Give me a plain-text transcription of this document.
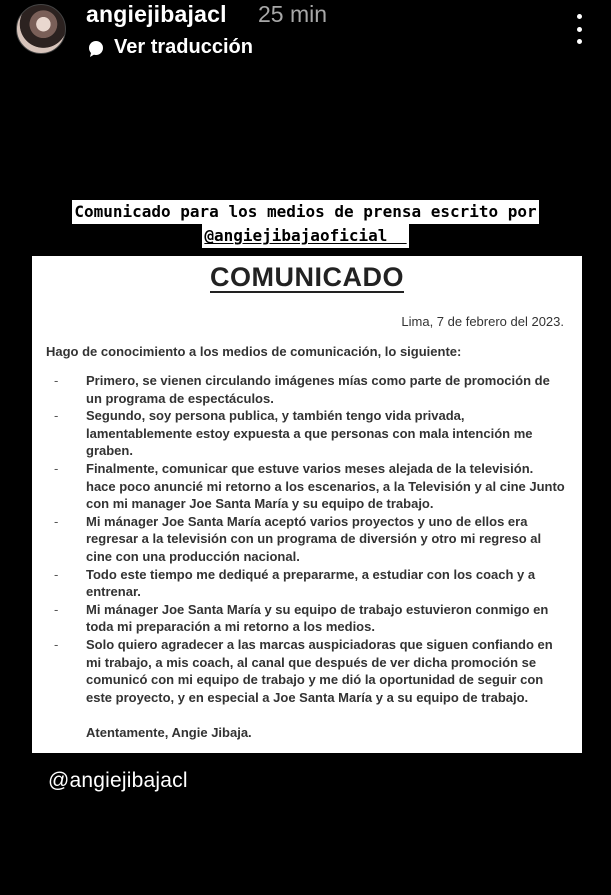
angiejibajacl 25 min
Ver traducción
Comunicado para los medios de prensa escrito por
@angiejibajaoficial
COMUNICADO
Lima, 7 de febrero del 2023.
Hago de conocimiento a los medios de comunicación, lo siguiente:
- Primero, se vienen circulando imágenes mías como parte de promoción de
un programa de espectáculos.
- Segundo, soy persona publica, y también tengo vida privada,
lamentablemente estoy expuesta a que personas con mala intención me
graben.
- Finalmente, comunicar que estuve varios meses alejada de la televisión.
hace poco anuncié mi retorno a los escenarios, a la Televisión y al cine Junto
con mi manager Joe Santa María y su equipo de trabajo.
- Mi mánager Joe Santa María aceptó varios proyectos y uno de ellos era
regresar a la televisión con un programa de diversión y otro mi regreso al
cine con una producción nacional.
- Todo este tiempo me dediqué a prepararme, a estudiar con los coach y a
entrenar.
- Mi mánager Joe Santa María y su equipo de trabajo estuvieron conmigo en
toda mi preparación a mi retorno a los medios.
- Solo quiero agradecer a las marcas auspiciadoras que siguen confiando en
mi trabajo, a mis coach, al canal que después de ver dicha promoción se
comunicó con mi equipo de trabajo y me dió la oportunidad de seguir con
este proyecto, y en especial a Joe Santa María y a su equipo de trabajo.
Atentamente, Angie Jibaja.
@angiejibajacl
